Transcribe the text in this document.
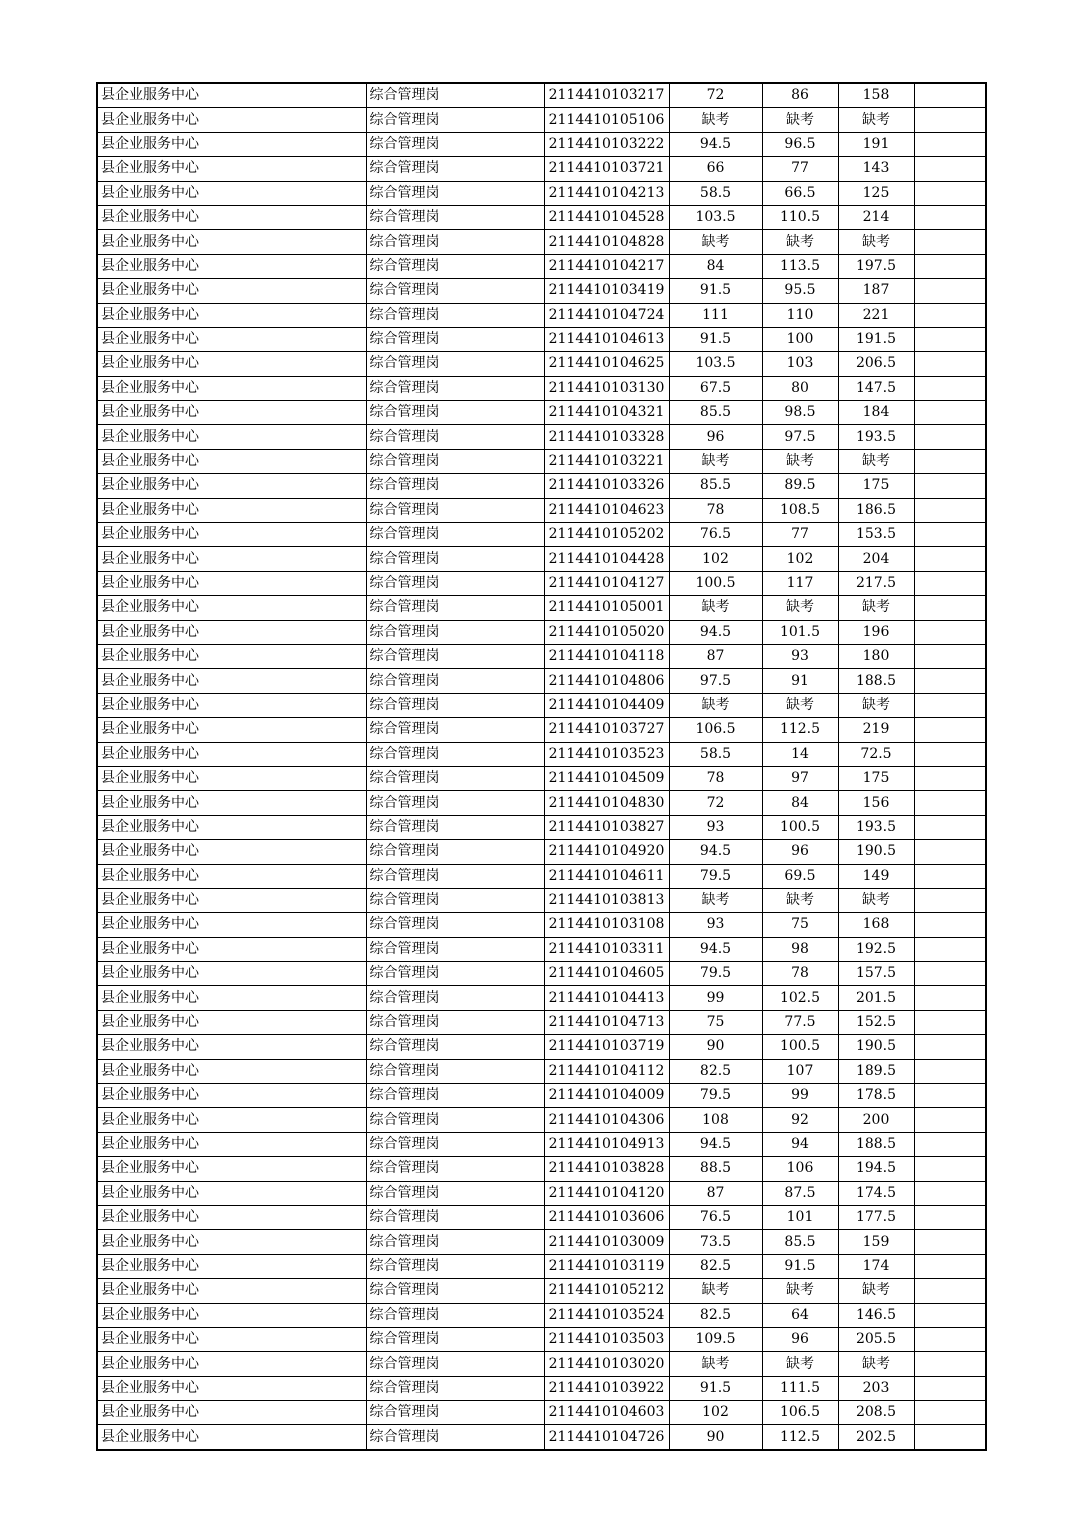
县企业服务中心	综合管理岗	2114410103217	72	86	158	
县企业服务中心	综合管理岗	2114410105106	缺考	缺考	缺考	
县企业服务中心	综合管理岗	2114410103222	94.5	96.5	191	
县企业服务中心	综合管理岗	2114410103721	66	77	143	
县企业服务中心	综合管理岗	2114410104213	58.5	66.5	125	
县企业服务中心	综合管理岗	2114410104528	103.5	110.5	214	
县企业服务中心	综合管理岗	2114410104828	缺考	缺考	缺考	
县企业服务中心	综合管理岗	2114410104217	84	113.5	197.5	
县企业服务中心	综合管理岗	2114410103419	91.5	95.5	187	
县企业服务中心	综合管理岗	2114410104724	111	110	221	
县企业服务中心	综合管理岗	2114410104613	91.5	100	191.5	
县企业服务中心	综合管理岗	2114410104625	103.5	103	206.5	
县企业服务中心	综合管理岗	2114410103130	67.5	80	147.5	
县企业服务中心	综合管理岗	2114410104321	85.5	98.5	184	
县企业服务中心	综合管理岗	2114410103328	96	97.5	193.5	
县企业服务中心	综合管理岗	2114410103221	缺考	缺考	缺考	
县企业服务中心	综合管理岗	2114410103326	85.5	89.5	175	
县企业服务中心	综合管理岗	2114410104623	78	108.5	186.5	
县企业服务中心	综合管理岗	2114410105202	76.5	77	153.5	
县企业服务中心	综合管理岗	2114410104428	102	102	204	
县企业服务中心	综合管理岗	2114410104127	100.5	117	217.5	
县企业服务中心	综合管理岗	2114410105001	缺考	缺考	缺考	
县企业服务中心	综合管理岗	2114410105020	94.5	101.5	196	
县企业服务中心	综合管理岗	2114410104118	87	93	180	
县企业服务中心	综合管理岗	2114410104806	97.5	91	188.5	
县企业服务中心	综合管理岗	2114410104409	缺考	缺考	缺考	
县企业服务中心	综合管理岗	2114410103727	106.5	112.5	219	
县企业服务中心	综合管理岗	2114410103523	58.5	14	72.5	
县企业服务中心	综合管理岗	2114410104509	78	97	175	
县企业服务中心	综合管理岗	2114410104830	72	84	156	
县企业服务中心	综合管理岗	2114410103827	93	100.5	193.5	
县企业服务中心	综合管理岗	2114410104920	94.5	96	190.5	
县企业服务中心	综合管理岗	2114410104611	79.5	69.5	149	
县企业服务中心	综合管理岗	2114410103813	缺考	缺考	缺考	
县企业服务中心	综合管理岗	2114410103108	93	75	168	
县企业服务中心	综合管理岗	2114410103311	94.5	98	192.5	
县企业服务中心	综合管理岗	2114410104605	79.5	78	157.5	
县企业服务中心	综合管理岗	2114410104413	99	102.5	201.5	
县企业服务中心	综合管理岗	2114410104713	75	77.5	152.5	
县企业服务中心	综合管理岗	2114410103719	90	100.5	190.5	
县企业服务中心	综合管理岗	2114410104112	82.5	107	189.5	
县企业服务中心	综合管理岗	2114410104009	79.5	99	178.5	
县企业服务中心	综合管理岗	2114410104306	108	92	200	
县企业服务中心	综合管理岗	2114410104913	94.5	94	188.5	
县企业服务中心	综合管理岗	2114410103828	88.5	106	194.5	
县企业服务中心	综合管理岗	2114410104120	87	87.5	174.5	
县企业服务中心	综合管理岗	2114410103606	76.5	101	177.5	
县企业服务中心	综合管理岗	2114410103009	73.5	85.5	159	
县企业服务中心	综合管理岗	2114410103119	82.5	91.5	174	
县企业服务中心	综合管理岗	2114410105212	缺考	缺考	缺考	
县企业服务中心	综合管理岗	2114410103524	82.5	64	146.5	
县企业服务中心	综合管理岗	2114410103503	109.5	96	205.5	
县企业服务中心	综合管理岗	2114410103020	缺考	缺考	缺考	
县企业服务中心	综合管理岗	2114410103922	91.5	111.5	203	
县企业服务中心	综合管理岗	2114410104603	102	106.5	208.5	
县企业服务中心	综合管理岗	2114410104726	90	112.5	202.5	
